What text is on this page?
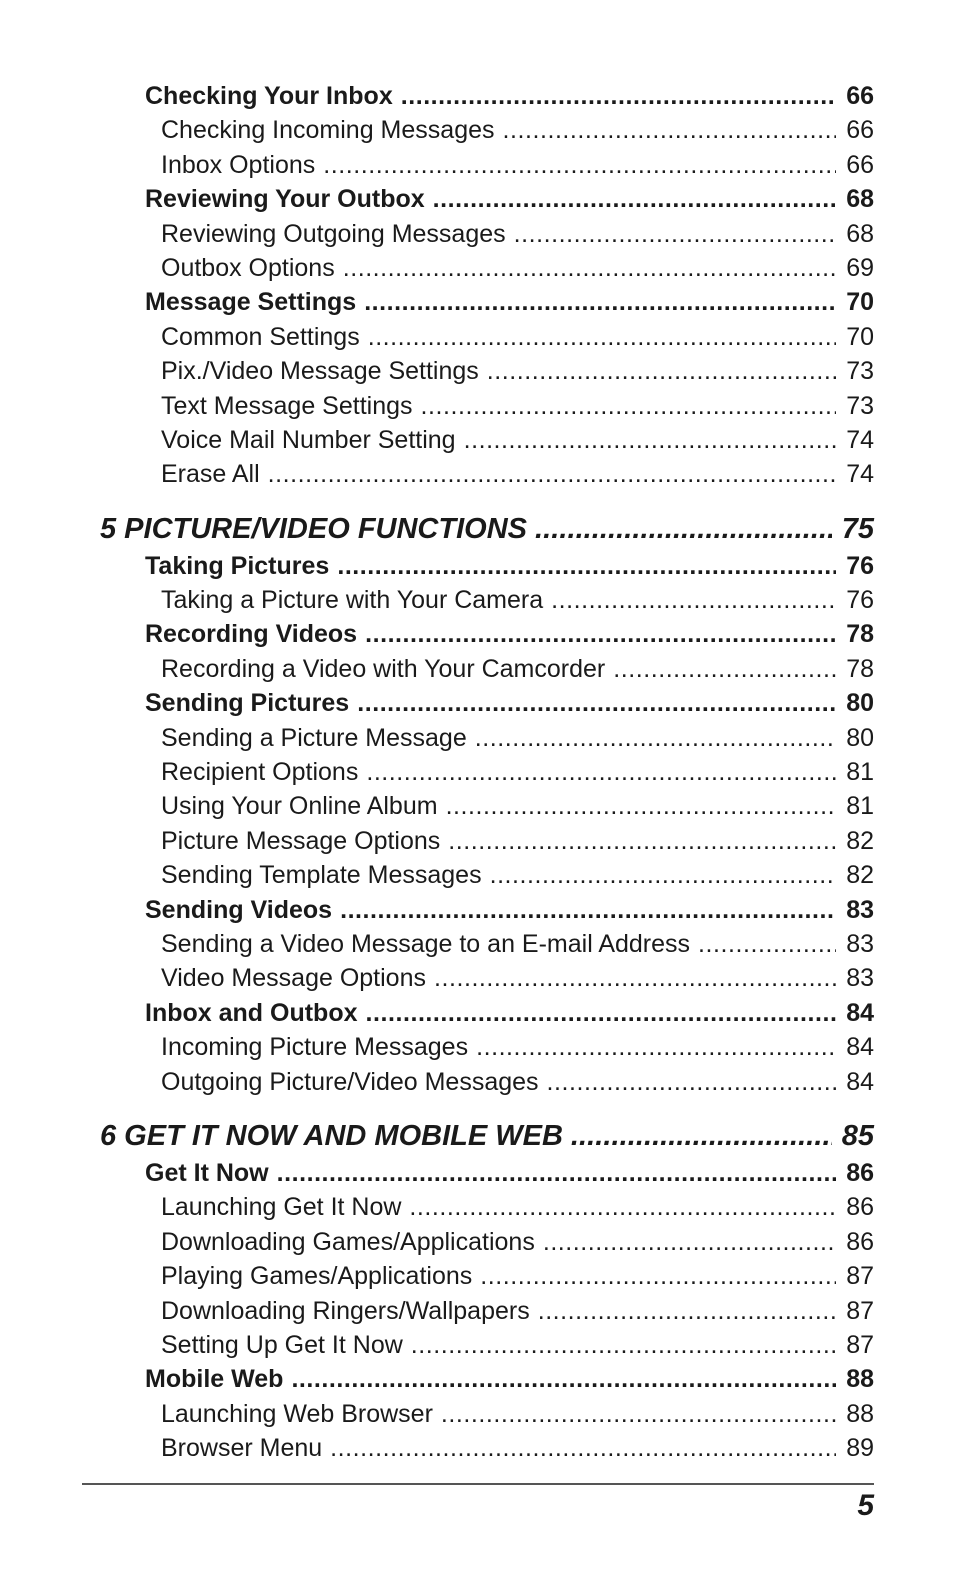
Checking Your Inbox . . .	66
Checking Incoming Messages . . .	66
Inbox Options . . .	66
Reviewing Your Outbox . . .	68
Reviewing Outgoing Messages . . .	68
Outbox Options . . .	69
Message Settings . . .	70
Common Settings . . .	70
Pix./Video Message Settings . . .	73
Text Message Settings . . .	73
Voice Mail Number Setting . . .	74
Erase All . . .	74
5 PICTURE/VIDEO FUNCTIONS . . .	75
Taking Pictures . . .	76
Taking a Picture with Your Camera . . .	76
Recording Videos . . .	78
Recording a Video with Your Camcorder . . .	78
Sending Pictures . . .	80
Sending a Picture Message . . .	80
Recipient Options . . .	81
Using Your Online Album . . .	81
Picture Message Options . . .	82
Sending Template Messages . . .	82
Sending Videos . . .	83
Sending a Video Message to an E-mail Address . . .	83
Video Message Options . . .	83
Inbox and Outbox . . .	84
Incoming Picture Messages . . .	84
Outgoing Picture/Video Messages . . .	84
6 GET IT NOW AND MOBILE WEB . . .	85
Get It Now . . .	86
Launching Get It Now . . .	86
Downloading Games/Applications . . .	86
Playing Games/Applications . . .	87
Downloading Ringers/Wallpapers . . .	87
Setting Up Get It Now . . .	87
Mobile Web . . .	88
Launching Web Browser . . .	88
Browser Menu . . .	89
5
